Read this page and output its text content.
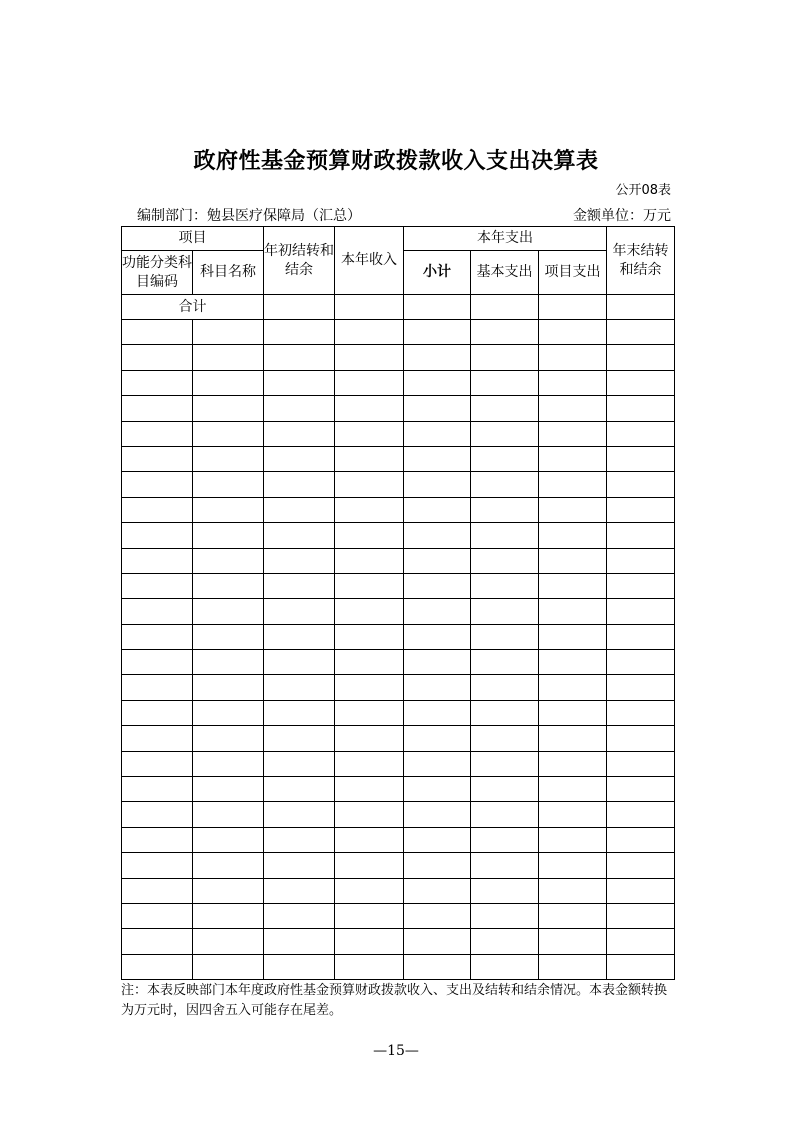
政府性基金预算财政拨款收入支出决算表
公开08表
编制部门：勉县医疗保障局（汇总）	金额单位：万元
项目		年初结转和结余	本年收入	本年支出			年末结转和结余
功能分类科目编码	科目名称			小计	基本支出	项目支出	
合计							

注：本表反映部门本年度政府性基金预算财政拨款收入、支出及结转和结余情况。本表金额转换为万元时，因四舍五入可能存在尾差。
—15—
